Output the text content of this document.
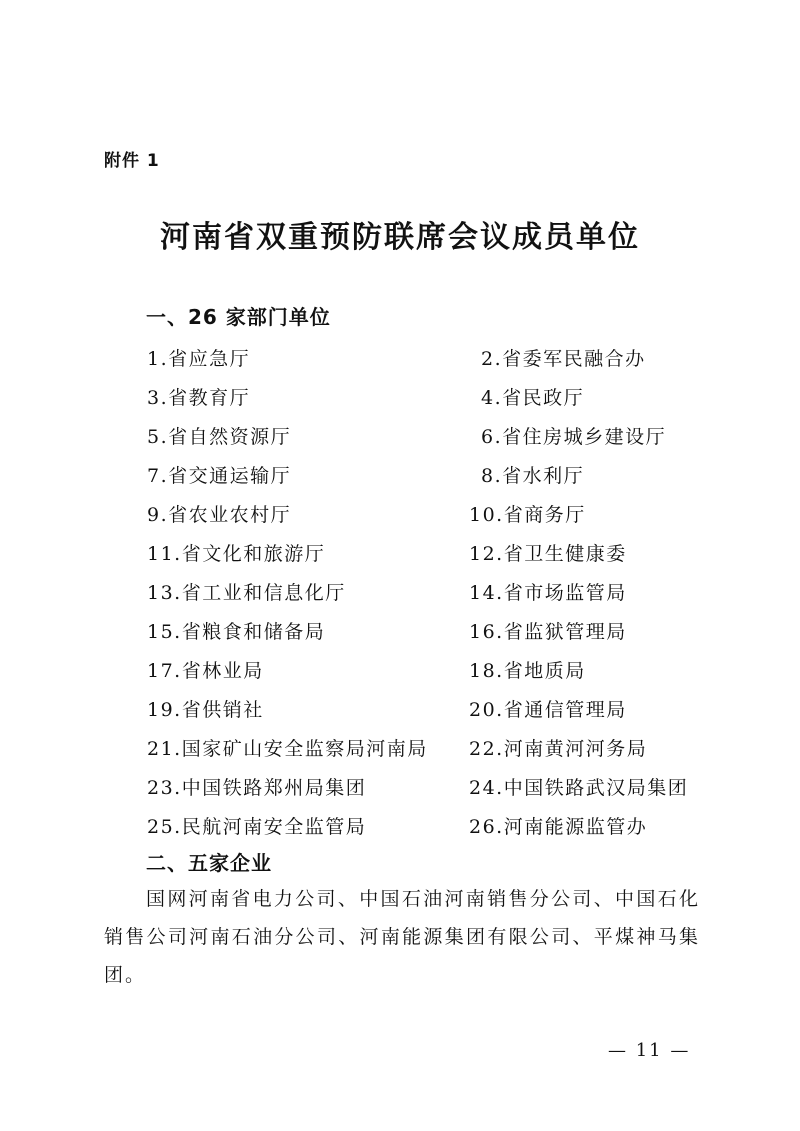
附件 1
河南省双重预防联席会议成员单位
一、26 家部门单位
1.省应急厅	2.省委军民融合办
3.省教育厅	4.省民政厅
5.省自然资源厅	6.省住房城乡建设厅
7.省交通运输厅	8.省水利厅
9.省农业农村厅	10.省商务厅
11.省文化和旅游厅	12.省卫生健康委
13.省工业和信息化厅	14.省市场监管局
15.省粮食和储备局	16.省监狱管理局
17.省林业局	18.省地质局
19.省供销社	20.省通信管理局
21.国家矿山安全监察局河南局	22.河南黄河河务局
23.中国铁路郑州局集团	24.中国铁路武汉局集团
25.民航河南安全监管局	26.河南能源监管办
二、五家企业
国网河南省电力公司、中国石油河南销售分公司、中国石化销售公司河南石油分公司、河南能源集团有限公司、平煤神马集团。
— 11 —
